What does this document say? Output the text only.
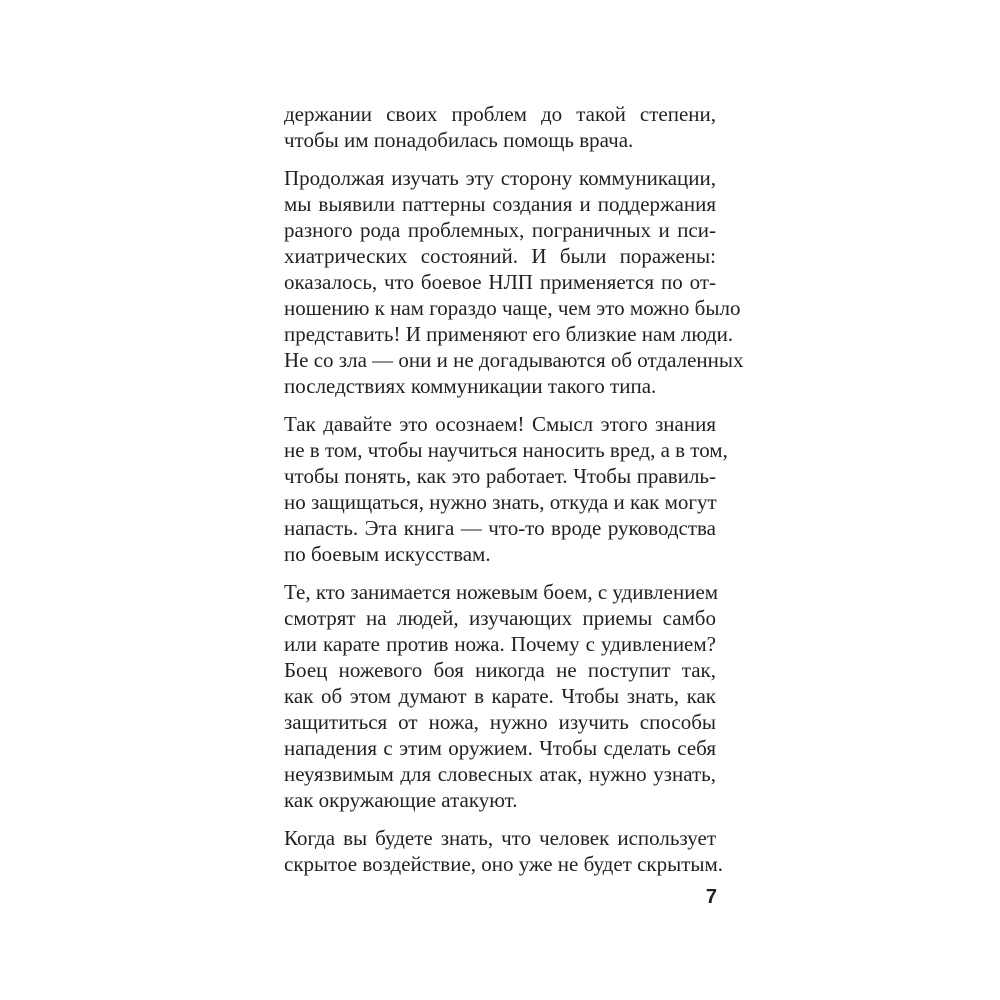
держании своих проблем до такой степени,
чтобы им понадобилась помощь врача.

Продолжая изучать эту сторону коммуникации,
мы выявили паттерны создания и поддержания
разного рода проблемных, пограничных и пси-
хиатрических состояний. И были поражены:
оказалось, что боевое НЛП применяется по от-
ношению к нам гораздо чаще, чем это можно было
представить! И применяют его близкие нам люди.
Не со зла — они и не догадываются об отдаленных
последствиях коммуникации такого типа.

Так давайте это осознаем! Смысл этого знания
не в том, чтобы научиться наносить вред, а в том,
чтобы понять, как это работает. Чтобы правиль-
но защищаться, нужно знать, откуда и как могут
напасть. Эта книга — что-то вроде руководства
по боевым искусствам.

Те, кто занимается ножевым боем, с удивлением
смотрят на людей, изучающих приемы самбо
или карате против ножа. Почему с удивлением?
Боец ножевого боя никогда не поступит так,
как об этом думают в карате. Чтобы знать, как
защититься от ножа, нужно изучить способы
нападения с этим оружием. Чтобы сделать себя
неуязвимым для словесных атак, нужно узнать,
как окружающие атакуют.

Когда вы будете знать, что человек использует
скрытое воздействие, оно уже не будет скрытым.

7
